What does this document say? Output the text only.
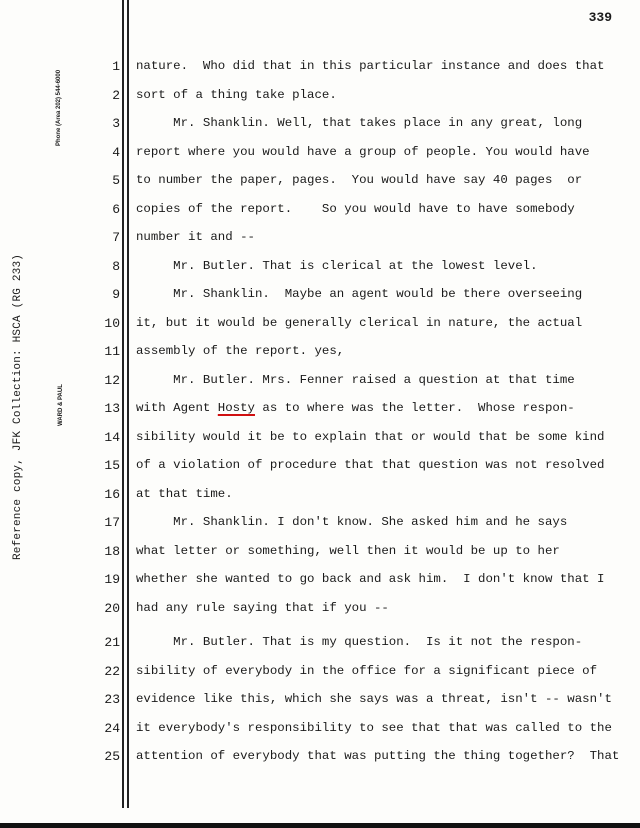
339
Reference copy, JFK Collection: HSCA (RG 233)
Phone (Area 202) 544-6000
WARD & PAUL
1 nature.  Who did that in this particular instance and does that
2 sort of a thing take place.
3 Mr. Shanklin. Well, that takes place in any great, long
4 report where you would have a group of people. You would have
5 to number the paper, pages.  You would have say 40 pages  or
6 copies of the report.    So you would have to have somebody
7 number it and --
8 Mr. Butler. That is clerical at the lowest level.
9 Mr. Shanklin.  Maybe an agent would be there overseeing
10 it, but it would be generally clerical in nature, the actual
11 assembly of the report. yes,
12 Mr. Butler. Mrs. Fenner raised a question at that time
13 with Agent Hosty as to where was the letter.  Whose respon-
14 sibility would it be to explain that or would that be some kind
15 of a violation of procedure that that question was not resolved
16 at that time.
17 Mr. Shanklin. I don't know. She asked him and he says
18 what letter or something, well then it would be up to her
19 whether she wanted to go back and ask him.  I don't know that I
20 had any rule saying that if you --
21 Mr. Butler. That is my question.  Is it not the respon-
22 sibility of everybody in the office for a significant piece of
23 evidence like this, which she says was a threat, isn't -- wasn't
24 it everybody's responsibility to see that that was called to the
25 attention of everybody that was putting the thing together?  That
